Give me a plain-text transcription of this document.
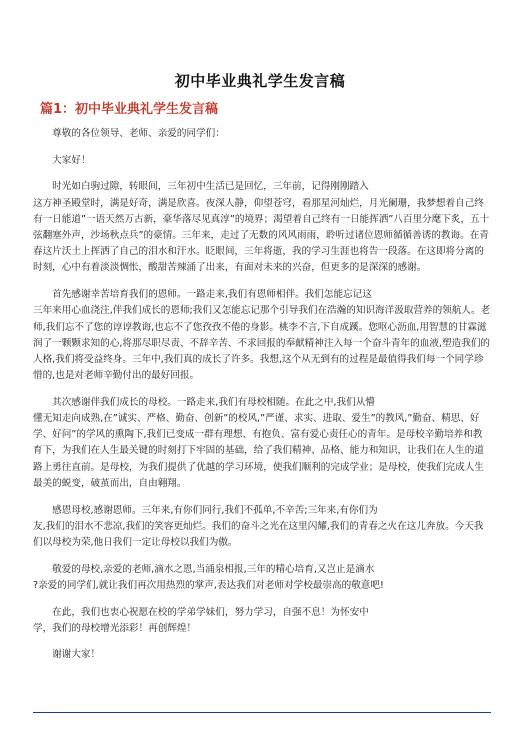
初中毕业典礼学生发言稿
篇1：初中毕业典礼学生发言稿

　　尊敬的各位领导、老师、亲爱的同学们：

　　大家好！

　　时光如白驹过隙，转眼间，三年初中生活已是回忆，三年前，记得刚刚踏入
这方神圣殿堂时，满是好奇，满是欣喜。夜深人静，仰望苍穹，看那星河灿烂，月光阑珊，我梦想着自己终有一日能道”一语天然万古新，豪华落尽见真淳”的境界；渴望着自己终有一日能挥洒”八百里分麾下炙，五十弦翻塞外声，沙场秋点兵”的豪情。三年来，走过了无数的风风雨雨，聆听过诸位恩师循循善诱的教诲。在青春这片沃土上挥洒了自己的泪水和汗水。眨眼间，三年将逝，我的学习生涯也将告一段落。在这即将分离的时刻，心中有着淡淡惆怅，酸甜苦辣涌了出来，有面对未来的兴奋，但更多的是深深的感谢。

　　首先感谢幸苦培育我们的恩师。一路走来,我们有恩师相伴。我们怎能忘记这
三年来用心血浇注,伴我们成长的恩师;我们又怎能忘记那个引导我们在浩瀚的知识海洋汲取营养的领航人。老师,我们忘不了您的谆谆教诲,也忘不了您孜孜不倦的身影。桃李不言,下自成蹊。您呕心沥血,用智慧的甘霖滋润了一颗颗求知的心,将那尽职尽责、不辞辛苦、不求回报的奉献精神注入每一个奋斗青年的血液,塑造我们的人格,我们将受益终身。三年中,我们真的成长了许多。我想,这个从无到有的过程是最值得我们每一个同学珍惜的,也是对老师辛勤付出的最好回报。

　　其次感谢伴我们成长的母校。一路走来,我们有母校相随。在此之中,我们从懵
懂无知走向成熟,在”诚实、严格、勤奋、创新”的校风,”严谨、求实、进取、爱生”的教风,”勤奋、精思、好学、好问”的学风的熏陶下,我们已变成一群有理想、有抱负、富有爱心责任心的青年。是母校辛勤培养和教育下，为我们在人生最关键的时刻打下牢固的基础，给了我们精神、品格、能力和知识，让我们在人生的道路上勇往直前。是母校，为我们提供了优越的学习环境，使我们顺利的完成学业；是母校，使我们完成人生最美的蜕变，破茧而出，自由翱翔。

　　感恩母校,感谢恩师。三年来,有你们同行,我们不孤单,不辛苦;三年来,有你们为
友,我们的泪水不悲凉,我们的笑容更灿烂。我们的奋斗之光在这里闪耀,我们的青春之火在这儿奔放。今天我们以母校为荣,他日我们一定让母校以我们为傲。

　　敬爱的母校,亲爱的老师,滴水之恩,当涌泉相报,三年的精心培育,又岂止是滴水
?亲爱的同学们,就让我们再次用热烈的掌声,表达我们对老师对学校最崇高的敬意吧!

　　在此，我们也衷心祝愿在校的学弟学妹们，努力学习，自强不息！为怀安中
学，我们的母校增光添彩！再创辉煌！

　　谢谢大家！
